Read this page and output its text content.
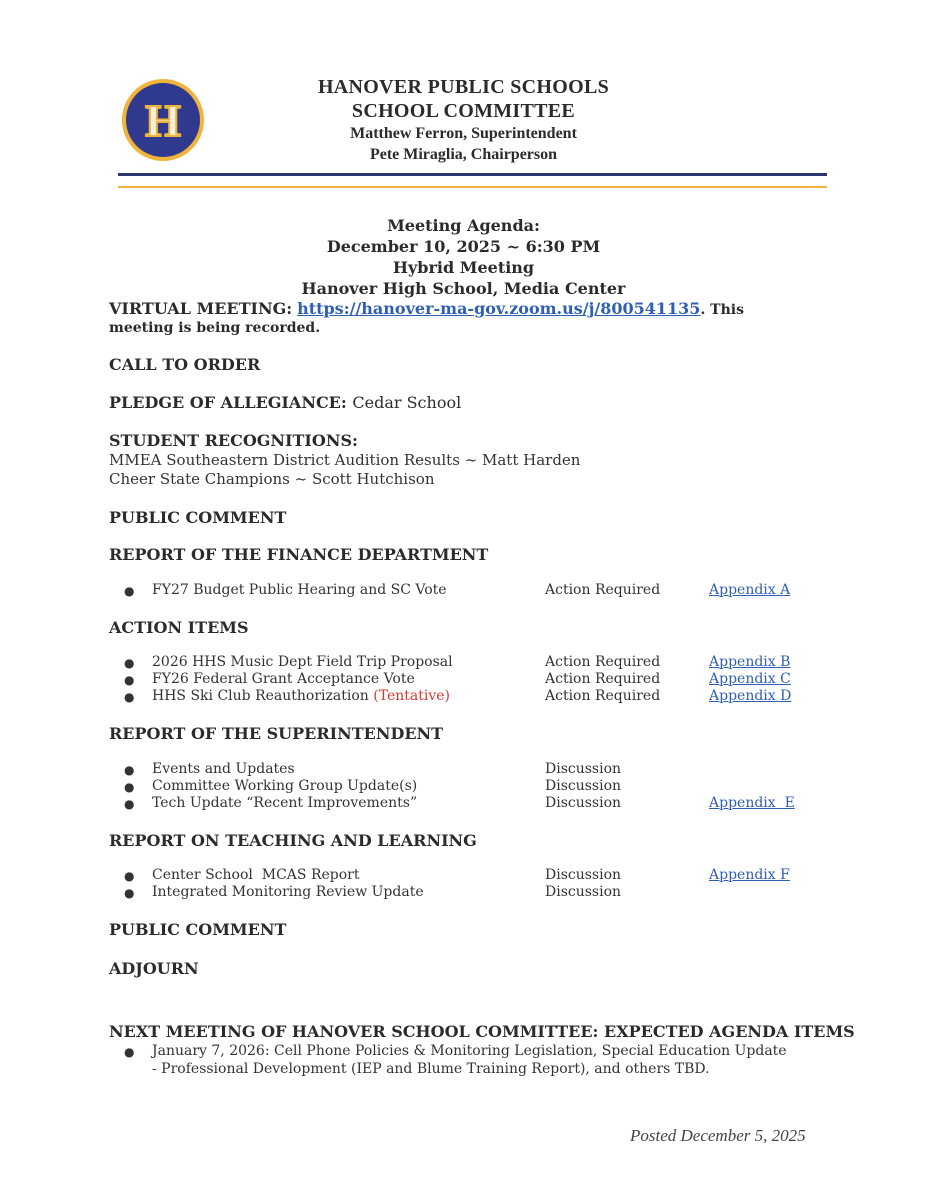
H
HANOVER PUBLIC SCHOOLS
SCHOOL COMMITTEE
Matthew Ferron, Superintendent
Pete Miraglia, Chairperson
Meeting Agenda:
December 10, 2025 ~ 6:30 PM
Hybrid Meeting
Hanover High School, Media Center
VIRTUAL MEETING: https://hanover-ma-gov.zoom.us/j/800541135. This meeting is being recorded.
CALL TO ORDER
PLEDGE OF ALLEGIANCE: Cedar School
STUDENT RECOGNITIONS:
MMEA Southeastern District Audition Results ~ Matt Harden
Cheer State Champions ~ Scott Hutchison
PUBLIC COMMENT
REPORT OF THE FINANCE DEPARTMENT
● FY27 Budget Public Hearing and SC Vote	Action Required	Appendix A
ACTION ITEMS
● 2026 HHS Music Dept Field Trip Proposal	Action Required	Appendix B
● FY26 Federal Grant Acceptance Vote	Action Required	Appendix C
● HHS Ski Club Reauthorization (Tentative)	Action Required	Appendix D
REPORT OF THE SUPERINTENDENT
● Events and Updates	Discussion
● Committee Working Group Update(s)	Discussion
● Tech Update “Recent Improvements”	Discussion	Appendix  E
REPORT ON TEACHING AND LEARNING
● Center School  MCAS Report	Discussion	Appendix F
● Integrated Monitoring Review Update	Discussion
PUBLIC COMMENT
ADJOURN
NEXT MEETING OF HANOVER SCHOOL COMMITTEE: EXPECTED AGENDA ITEMS
● January 7, 2026: Cell Phone Policies & Monitoring Legislation, Special Education Update - Professional Development (IEP and Blume Training Report), and others TBD.
Posted December 5, 2025
